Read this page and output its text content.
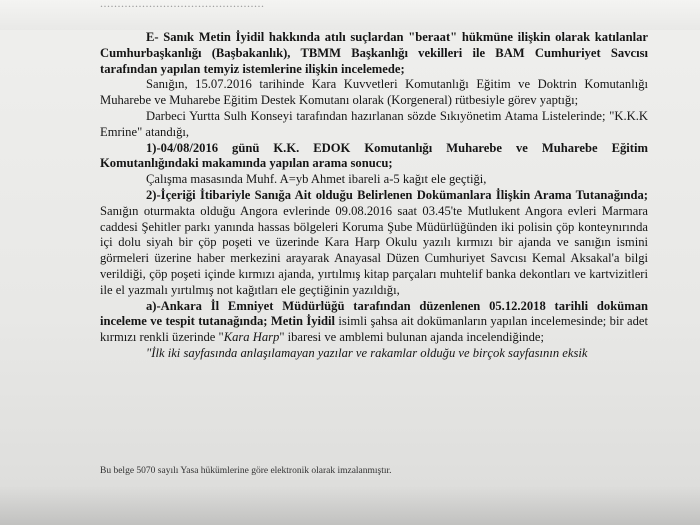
...............................................

E- Sanık Metin İyidil hakkında atılı suçlardan "beraat" hükmüne ilişkin olarak katılanlar Cumhurbaşkanlığı (Başbakanlık), TBMM Başkanlığı vekilleri ile BAM Cumhuriyet Savcısı tarafından yapılan temyiz istemlerine ilişkin incelemede;

Sanığın, 15.07.2016 tarihinde Kara Kuvvetleri Komutanlığı Eğitim ve Doktrin Komutanlığı Muharebe ve Muharebe Eğitim Destek Komutanı olarak (Korgeneral) rütbesiyle görev yaptığı;

Darbeci Yurtta Sulh Konseyi tarafından hazırlanan sözde Sıkıyönetim Atama Listelerinde; "K.K.K Emrine" atandığı,

1)-04/08/2016 günü K.K. EDOK Komutanlığı Muharebe ve Muharebe Eğitim Komutanlığındaki makamında yapılan arama sonucu;

Çalışma masasında Muhf. A=yb Ahmet ibareli a-5 kağıt ele geçtiği,

2)-İçeriği İtibariyle Sanığa Ait olduğu Belirlenen Dokümanlara İlişkin Arama Tutanağında; Sanığın oturmakta olduğu Angora evlerinde 09.08.2016 saat 03.45'te Mutlukent Angora evleri Marmara caddesi Şehitler parkı yanında hassas bölgeleri Koruma Şube Müdürlüğünden iki polisin çöp konteynırında içi dolu siyah bir çöp poşeti ve üzerinde Kara Harp Okulu yazılı kırmızı bir ajanda ve sanığın ismini görmeleri üzerine haber merkezini arayarak Anayasal Düzen Cumhuriyet Savcısı Kemal Aksakal'a bilgi verildiği, çöp poşeti içinde kırmızı ajanda, yırtılmış kitap parçaları muhtelif banka dekontları ve kartvizitleri ile el yazmalı yırtılmış not kağıtları ele geçtiğinin yazıldığı,

a)-Ankara İl Emniyet Müdürlüğü tarafından düzenlenen 05.12.2018 tarihli doküman inceleme ve tespit tutanağında; Metin İyidil isimli şahsa ait dokümanların yapılan incelemesinde; bir adet kırmızı renkli üzerinde "Kara Harp" ibaresi ve amblemi bulunan ajanda incelendiğinde;

"İlk iki sayfasında anlaşılamayan yazılar ve rakamlar olduğu ve birçok sayfasının eksik

Bu belge 5070 sayılı Yasa hükümlerine göre elektronik olarak imzalanmıştır.
